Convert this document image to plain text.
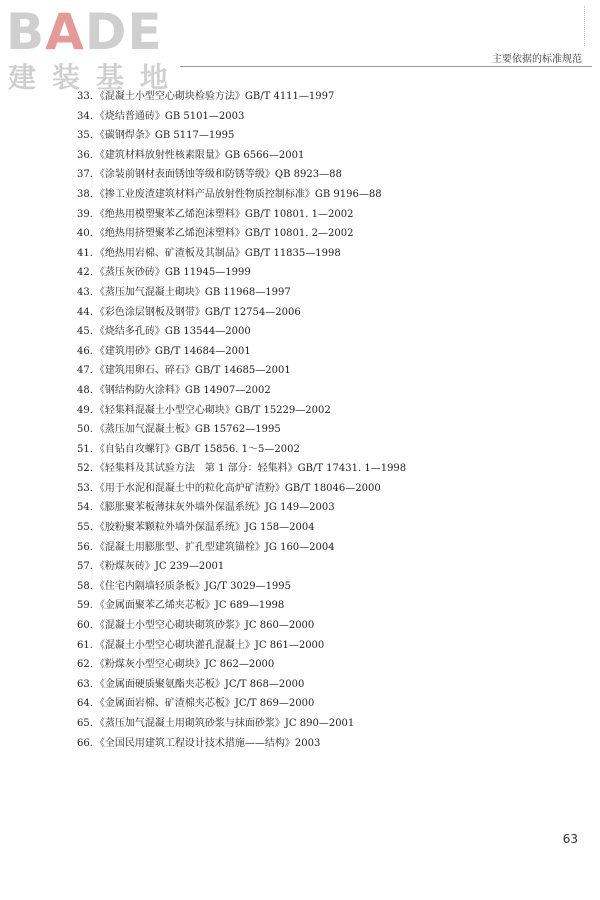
BADE
建装基地
主要依据的标准规范
33. 《混凝土小型空心砌块检验方法》GB/T 4111—1997
34. 《烧结普通砖》GB 5101—2003
35. 《碳钢焊条》GB 5117—1995
36. 《建筑材料放射性核素限量》GB 6566—2001
37. 《涂装前钢材表面锈蚀等级和防锈等级》QB 8923—88
38. 《掺工业废渣建筑材料产品放射性物质控制标准》GB 9196—88
39. 《绝热用模塑聚苯乙烯泡沫塑料》GB/T 10801. 1—2002
40. 《绝热用挤塑聚苯乙烯泡沫塑料》GB/T 10801. 2—2002
41. 《绝热用岩棉、矿渣板及其制品》GB/T 11835—1998
42. 《蒸压灰砂砖》GB 11945—1999
43. 《蒸压加气混凝土砌块》GB 11968—1997
44. 《彩色涂层钢板及钢带》GB/T 12754—2006
45. 《烧结多孔砖》GB 13544—2000
46. 《建筑用砂》GB/T 14684—2001
47. 《建筑用卵石、碎石》GB/T 14685—2001
48. 《钢结构防火涂料》GB 14907—2002
49. 《轻集料混凝土小型空心砌块》GB/T 15229—2002
50. 《蒸压加气混凝土板》GB 15762—1995
51. 《自钻自攻螺钉》GB/T 15856. 1～5—2002
52. 《轻集料及其试验方法　第 1 部分：轻集料》GB/T 17431. 1—1998
53. 《用于水泥和混凝土中的粒化高炉矿渣粉》GB/T 18046—2000
54. 《膨胀聚苯板薄抹灰外墙外保温系统》JG 149—2003
55. 《胶粉聚苯颗粒外墙外保温系统》JG 158—2004
56. 《混凝土用膨胀型、扩孔型建筑锚栓》JG 160—2004
57. 《粉煤灰砖》JC 239—2001
58. 《住宅内隔墙轻质条板》JG/T 3029—1995
59. 《金属面聚苯乙烯夹芯板》JC 689—1998
60. 《混凝土小型空心砌块砌筑砂浆》JC 860—2000
61. 《混凝土小型空心砌块灌孔混凝土》JC 861—2000
62. 《粉煤灰小型空心砌块》JC 862—2000
63. 《金属面硬质聚氨酯夹芯板》JC/T 868—2000
64. 《金属面岩棉、矿渣棉夹芯板》JC/T 869—2000
65. 《蒸压加气混凝土用砌筑砂浆与抹面砂浆》JC 890—2001
66. 《全国民用建筑工程设计技术措施——结构》2003
63
